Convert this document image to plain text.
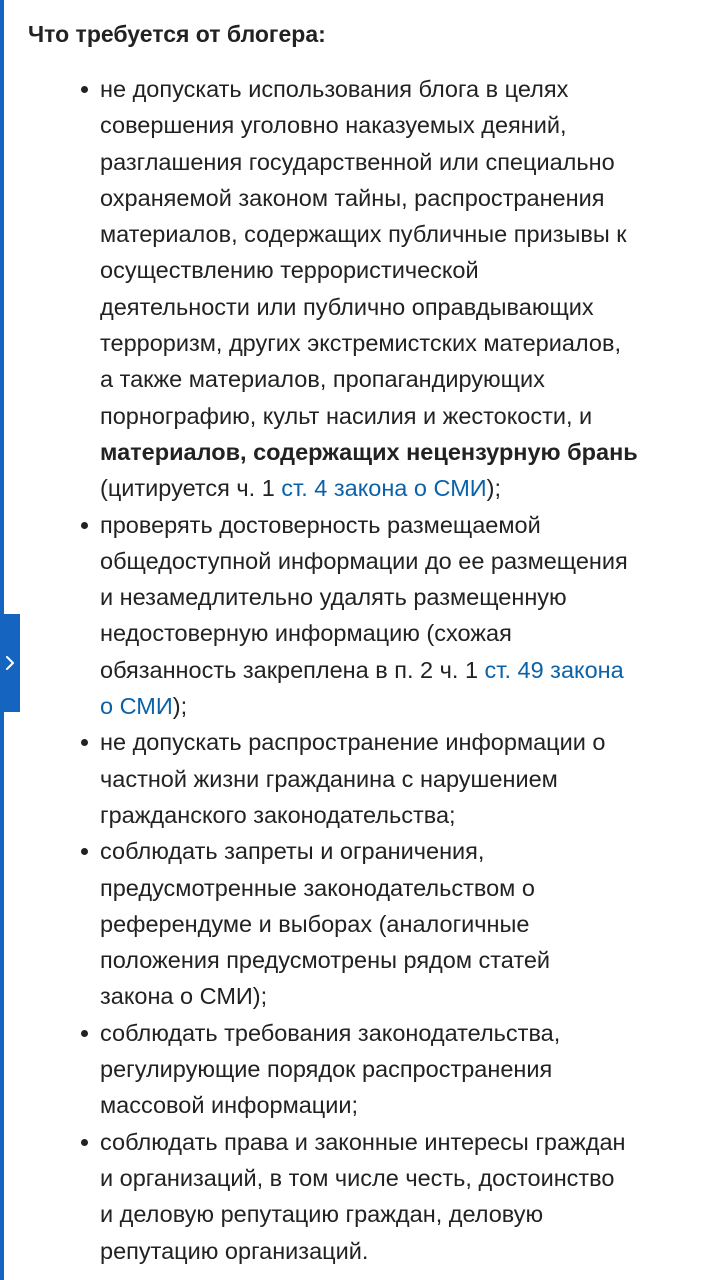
Что требуется от блогера:
не допускать использования блога в целях
совершения уголовно наказуемых деяний,
разглашения государственной или специально
охраняемой законом тайны, распространения
материалов, содержащих публичные призывы к
осуществлению террористической
деятельности или публично оправдывающих
терроризм, других экстремистских материалов,
а также материалов, пропагандирующих
порнографию, культ насилия и жестокости, и
материалов, содержащих нецензурную брань
(цитируется ч. 1 ст. 4 закона о СМИ);
проверять достоверность размещаемой
общедоступной информации до ее размещения
и незамедлительно удалять размещенную
недостоверную информацию (схожая
обязанность закреплена в п. 2 ч. 1 ст. 49 закона
о СМИ);
не допускать распространение информации о
частной жизни гражданина с нарушением
гражданского законодательства;
соблюдать запреты и ограничения,
предусмотренные законодательством о
референдуме и выборах (аналогичные
положения предусмотрены рядом статей
закона о СМИ);
соблюдать требования законодательства,
регулирующие порядок распространения
массовой информации;
соблюдать права и законные интересы граждан
и организаций, в том числе честь, достоинство
и деловую репутацию граждан, деловую
репутацию организаций.
